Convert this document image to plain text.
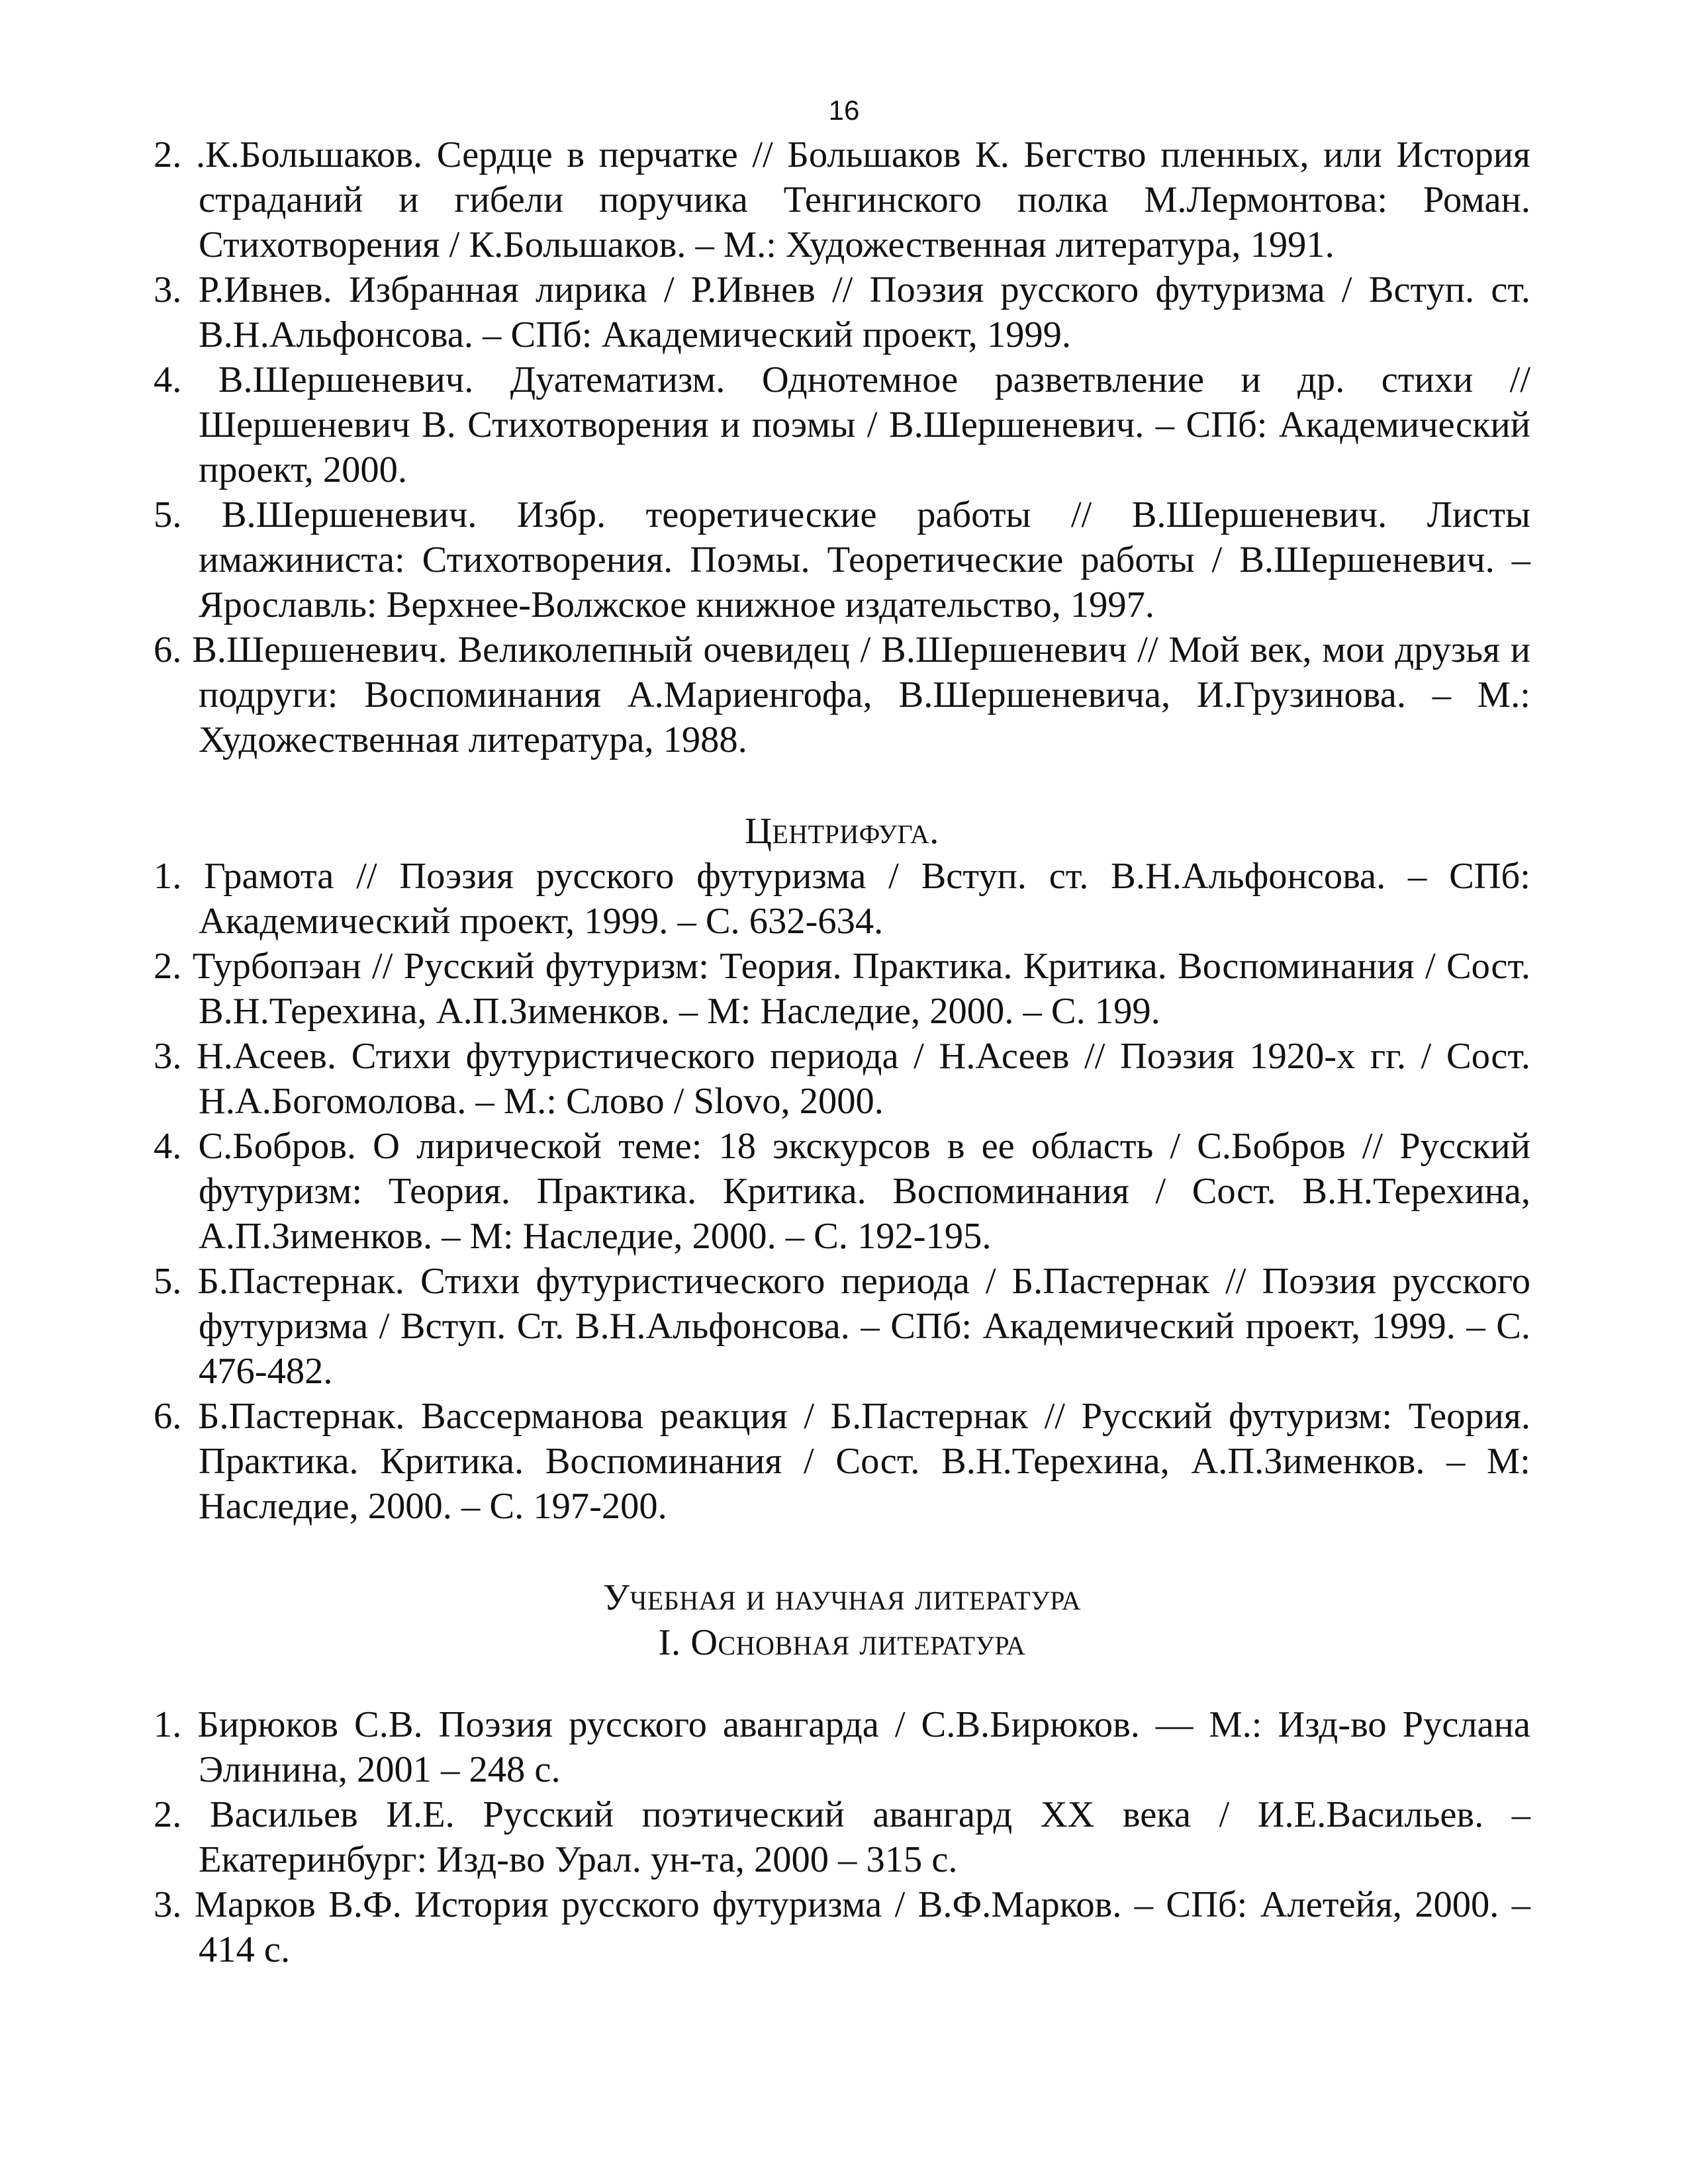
16

2. .К.Большаков. Сердце в перчатке // Большаков К. Бегство пленных, или История страданий и гибели поручика Тенгинского полка М.Лермонтова: Роман. Стихотворения / К.Большаков. – М.: Художественная литература, 1991.

3. Р.Ивнев. Избранная лирика / Р.Ивнев // Поэзия русского футуризма / Вступ. ст. В.Н.Альфонсова. – СПб: Академический проект, 1999.

4. В.Шершеневич. Дуатематизм. Однотемное разветвление и др. стихи // Шершеневич В. Стихотворения и поэмы / В.Шершеневич. – СПб: Академический проект, 2000.

5. В.Шершеневич. Избр. теоретические работы // В.Шершеневич. Листы имажиниста: Стихотворения. Поэмы. Теоретические работы / В.Шершеневич. – Ярославль: Верхнее-Волжское книжное издательство, 1997.

6. В.Шершеневич. Великолепный очевидец / В.Шершеневич // Мой век, мои друзья и подруги: Воспоминания А.Мариенгофа, В.Шершеневича, И.Грузинова. – М.: Художественная литература, 1988.

Центрифуга.

1. Грамота // Поэзия русского футуризма / Вступ. ст. В.Н.Альфонсова. – СПб: Академический проект, 1999. – С. 632-634.

2. Турбопэан // Русский футуризм: Теория. Практика. Критика. Воспоминания / Сост. В.Н.Терехина, А.П.Зименков. – М: Наследие, 2000. – С. 199.

3. Н.Асеев. Стихи футуристического периода / Н.Асеев // Поэзия 1920-х гг. / Сост. Н.А.Богомолова. – М.: Слово / Slovo, 2000.

4. С.Бобров. О лирической теме: 18 экскурсов в ее область / С.Бобров // Русский футуризм: Теория. Практика. Критика. Воспоминания / Сост. В.Н.Терехина, А.П.Зименков. – М: Наследие, 2000. – С. 192-195.

5. Б.Пастернак. Стихи футуристического периода / Б.Пастернак // Поэзия русского футуризма / Вступ. Ст. В.Н.Альфонсова. – СПб: Академический проект, 1999. – С. 476-482.

6. Б.Пастернак. Вассерманова реакция / Б.Пастернак // Русский футуризм: Теория. Практика. Критика. Воспоминания / Сост. В.Н.Терехина, А.П.Зименков. – М: Наследие, 2000. – С. 197-200.

Учебная и научная литература
I. Основная литература

1. Бирюков С.В. Поэзия русского авангарда / С.В.Бирюков. — М.: Изд-во Руслана Элинина, 2001 – 248 с.

2. Васильев И.Е. Русский поэтический авангард XX века / И.Е.Васильев. – Екатеринбург: Изд-во Урал. ун-та, 2000 – 315 с.

3. Марков В.Ф. История русского футуризма / В.Ф.Марков. – СПб: Алетейя, 2000. – 414 с.
